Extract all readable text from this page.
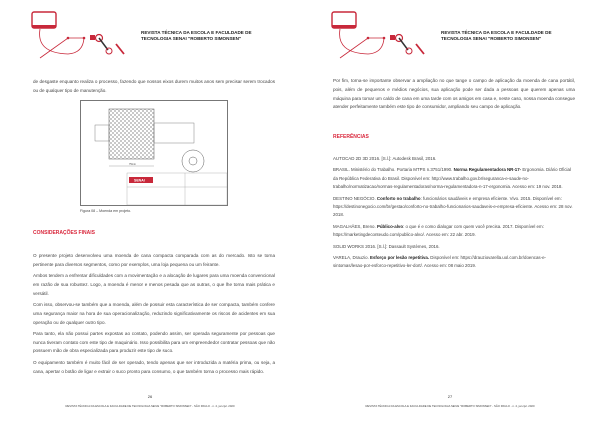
REVISTA TÉCNICA DA ESCOLA E FACULDADE DE TECNOLOGIA SENAI "ROBERTO SIMONSEN"
de desgaste enquanto realiza o processo, fazendo que nossos eixos durem muitos anos sem precisar serem trocados ou de qualquer tipo de manutenção.
75mm
SENAI
Figura 08 – Moenda em projeto.
CONSIDERAÇÕES FINAIS

O presente projeto desenvolveu uma moenda de cana compacta comparada com as do mercado. Isto se torna pertinente para diversos segmentos, como por exemplos, uma loja pequena ou um feirante.

Ambos tendem a enfrentar dificuldades com a movimentação e a alocação de lugares para uma moenda convencional em razão de sua robustez. Logo, a moenda é menor e menos pesada que as outras, o que lhe torna mais prática e versátil.

Com isso, observou-se também que a moenda, além de possuir esta característica de ser compacta, também confere uma segurança maior na hora de sua operacionalização, reduzindo significativamente os riscos de acidentes em sua operação ou de qualquer outro tipo.

Para tanto, ela não possui partes expostas ao contato, podendo assim, ser operada seguramente por pessoas que nunca tiveram contato com este tipo de maquinário. Isso possibilita para um empreendedor contratar pessoas que não possuem mão de obra especializada para produzir este tipo de suco.

O equipamento também é muito fácil de ser operado, tendo apenas que ser introduzida a matéria prima, ou seja, a cana, apertar o botão de ligar e extrair o suco pronto para consumo, o que também torna o processo mais rápido.

26
REVISTA TÉCNICA DA ESCOLA E FACULDADE DE TECNOLOGIA SENAI "ROBERTO SIMONSEN" - SÃO PAULO - n. 2, jan./jul. 2020
REVISTA TÉCNICA DA ESCOLA E FACULDADE DE TECNOLOGIA SENAI "ROBERTO SIMONSEN"
Por fim, torna-se importante observar a ampliação no que tange o campo de aplicação da moenda de cana portátil, pois, além de pequenos e médios negócios, sua aplicação pode ser dada a pessoas que querem apenas uma máquina para tomar um caldo de cana em uma tarde com os amigos em casa e, neste caso, nossa moenda consegue atender perfeitamente também este tipo de consumidor, ampliando seu campo de aplicação.
REFERÊNCIAS

AUTOCAD 2D 3D 2016. [S.l.]: Autodesk Brasil, 2016.

BRASIL. Ministério do Trabalho. Portaria MTPS n.3751/1990. Norma Regulamentadora NR-17- Ergonomia. Diário Oficial da República Federativa do Brasil. Disponível em: http://www.trabalho.gov.br/seguranca-e-saude-no-trabalho/normatizacao/normas-regulamentadoras/norma-regulamentadora-n-17-ergonomia. Acesso em: 19 nov. 2018.

DESTINO NEGÓCIO. Conforto no trabalho: funcionários saudáveis e empresa eficiente. Vivo. 2015. Disponível em: https://destinonegocio.com/br/gestao/conforto-no-trabalho-funcionarios-saudaveis-e-empresa-eficiente. Acesso em: 28 nov. 2018.

MAGALHÃES, Breno. Público-alvo: o que é e como dialogar com quem você precisa. 2017. Disponível em: https://marketingdeconteudo.com/publico-alvo/. Acesso em: 22 abr. 2019.

SOLID WORKS 2016. [S.l.]: Dassault Systèmes, 2016.

VARELA, Drauzio. Esforço por lesão repetitiva. Disponível em: https://drauziovarella.uol.com.br/doencas-e-sintomas/lesao-por-esforco-repetitivo-ler-dort/. Acesso em: 08 maio 2019.

27
REVISTA TÉCNICA DA ESCOLA E FACULDADE DE TECNOLOGIA SENAI "ROBERTO SIMONSEN" - SÃO PAULO - n. 2, jan./jul. 2020
